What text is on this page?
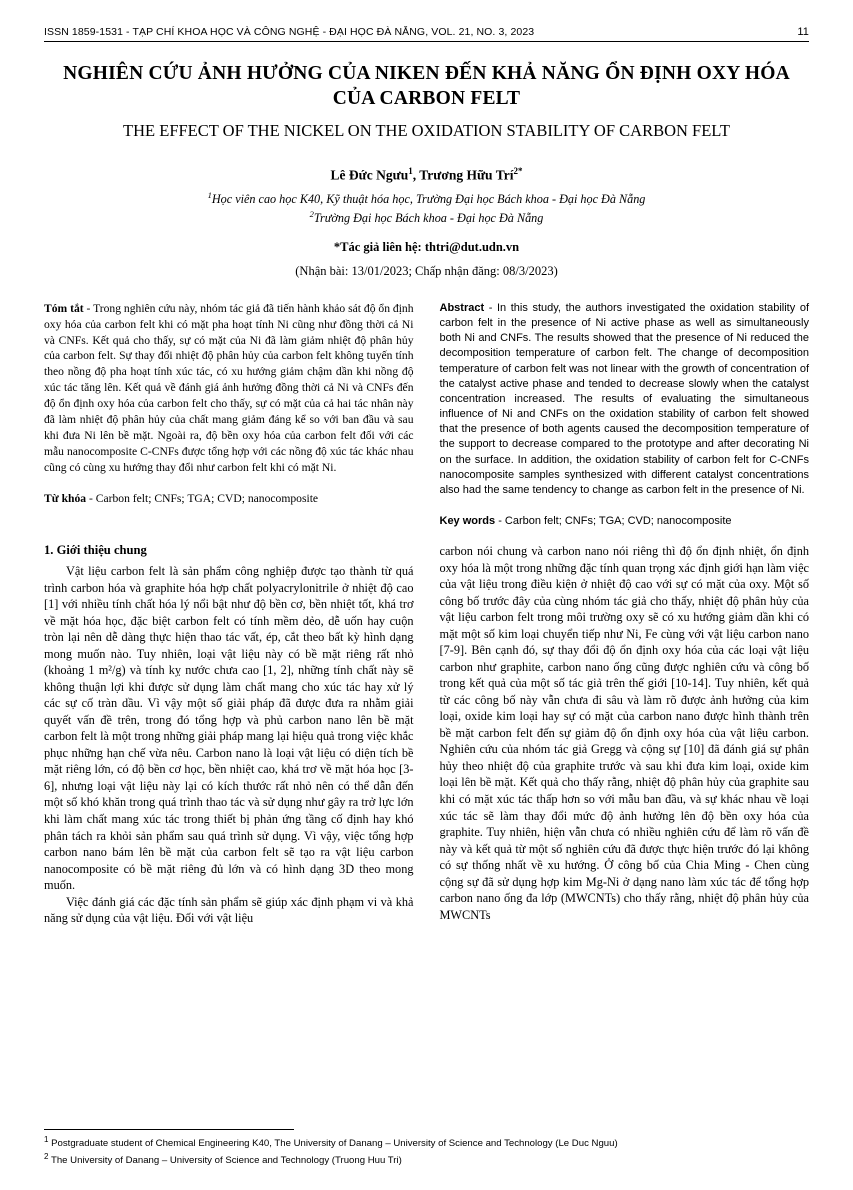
ISSN 1859-1531 - TẠP CHÍ KHOA HỌC VÀ CÔNG NGHỆ - ĐẠI HỌC ĐÀ NẴNG, VOL. 21, NO. 3, 2023	11
NGHIÊN CỨU ẢNH HƯỞNG CỦA NIKEN ĐẾN KHẢ NĂNG ỔN ĐỊNH OXY HÓA CỦA CARBON FELT
THE EFFECT OF THE NICKEL ON THE OXIDATION STABILITY OF CARBON FELT
Lê Đức Ngưu$^1$, Trương Hữu Trí$^{2*}$
$^1$Học viên cao học K40, Kỹ thuật hóa học, Trường Đại học Bách khoa - Đại học Đà Nẵng
$^2$Trường Đại học Bách khoa - Đại học Đà Nẵng
*Tác giả liên hệ: thtri@dut.udn.vn
(Nhận bài: 13/01/2023; Chấp nhận đăng: 08/3/2023)
Tóm tắt - Trong nghiên cứu này, nhóm tác giả đã tiến hành khảo sát độ ổn định oxy hóa của carbon felt khi có mặt pha hoạt tính Ni cũng như đồng thời cả Ni và CNFs. Kết quả cho thấy, sự có mặt của Ni đã làm giảm nhiệt độ phân hủy của carbon felt. Sự thay đổi nhiệt độ phân hủy của carbon felt không tuyến tính theo nồng độ pha hoạt tính xúc tác, có xu hướng giảm chậm dần khi nồng độ xúc tác tăng lên. Kết quả về đánh giá ảnh hưởng đồng thời cả Ni và CNFs đến độ ổn định oxy hóa của carbon felt cho thấy, sự có mặt của cả hai tác nhân này đã làm nhiệt độ phân hủy của chất mang giảm đáng kể so với ban đầu và sau khi đưa Ni lên bề mặt. Ngoài ra, độ bền oxy hóa của carbon felt đối với các mẫu nanocomposite C-CNFs được tổng hợp với các nồng độ xúc tác khác nhau cũng có cùng xu hướng thay đổi như carbon felt khi có mặt Ni.
Từ khóa - Carbon felt; CNFs; TGA; CVD; nanocomposite
Abstract - In this study, the authors investigated the oxidation stability of carbon felt in the presence of Ni active phase as well as simultaneously both Ni and CNFs. The results showed that the presence of Ni reduced the decomposition temperature of carbon felt. The change of decomposition temperature of carbon felt was not linear with the growth of concentration of the catalyst active phase and tended to decrease slowly when the catalyst concentration increased. The results of evaluating the simultaneous influence of Ni and CNFs on the oxidation stability of carbon felt showed that the presence of both agents caused the decomposition temperature of the support to decrease compared to the prototype and after decorating Ni on the surface. In addition, the oxidation stability of carbon felt for C-CNFs nanocomposite samples synthesized with different catalyst concentrations also had the same tendency to change as carbon felt in the presence of Ni.
Key words - Carbon felt; CNFs; TGA; CVD; nanocomposite
1. Giới thiệu chung

Vật liệu carbon felt là sản phẩm công nghiệp được tạo thành từ quá trình carbon hóa và graphite hóa hợp chất polyacrylonitrile ở nhiệt độ cao [1] với nhiều tính chất hóa lý nổi bật như độ bền cơ, bền nhiệt tốt, khá trơ về mặt hóa học, đặc biệt carbon felt có tính mềm dẻo, dễ uốn hay cuộn tròn lại nên dễ dàng thực hiện thao tác vất, ép, cắt theo bất kỳ hình dạng mong muốn nào. Tuy nhiên, loại vật liệu này có bề mặt riêng rất nhỏ (khoảng 1 m²/g) và tính kỵ nước chưa cao [1, 2], những tính chất này sẽ không thuận lợi khi được sử dụng làm chất mang cho xúc tác hay xử lý các sự cố tràn dầu. Vì vậy một số giải pháp đã được đưa ra nhằm giải quyết vấn đề trên, trong đó tổng hợp và phủ carbon nano lên bề mặt carbon felt là một trong những giải pháp mang lại hiệu quả trong việc khắc phục những hạn chế vừa nêu. Carbon nano là loại vật liệu có diện tích bề mặt riêng lớn, có độ bền cơ học, bền nhiệt cao, khá trơ về mặt hóa học [3-6], nhưng loại vật liệu này lại có kích thước rất nhỏ nên có thể dẫn đến một số khó khăn trong quá trình thao tác và sử dụng như gây ra trở lực lớn khi làm chất mang xúc tác trong thiết bị phản ứng tầng cố định hay khó phân tách ra khỏi sản phẩm sau quá trình sử dụng. Vì vậy, việc tổng hợp carbon nano bám lên bề mặt của carbon felt sẽ tạo ra vật liệu carbon nanocomposite có bề mặt riêng đủ lớn và có hình dạng 3D theo mong muốn.

Việc đánh giá các đặc tính sản phẩm sẽ giúp xác định phạm vi và khả năng sử dụng của vật liệu. Đối với vật liệu

carbon nói chung và carbon nano nói riêng thì độ ổn định nhiệt, ổn định oxy hóa là một trong những đặc tính quan trọng xác định giới hạn làm việc của vật liệu trong điều kiện ở nhiệt độ cao với sự có mặt của oxy. Một số công bố trước đây của cùng nhóm tác giả cho thấy, nhiệt độ phân hủy của vật liệu carbon felt trong môi trường oxy sẽ có xu hướng giảm dần khi có mặt một số kim loại chuyển tiếp như Ni, Fe cùng với vật liệu carbon nano [7-9]. Bên cạnh đó, sự thay đổi độ ổn định oxy hóa của các loại vật liệu carbon như graphite, carbon nano ống cũng được nghiên cứu và công bố trong kết quả của một số tác giả trên thế giới [10-14]. Tuy nhiên, kết quả từ các công bố này vẫn chưa đi sâu và làm rõ được ảnh hưởng của kim loại, oxide kim loại hay sự có mặt của carbon nano được hình thành trên bề mặt carbon felt đến sự giảm độ ổn định oxy hóa của vật liệu carbon. Nghiên cứu của nhóm tác giả Gregg và cộng sự [10] đã đánh giá sự phân hủy theo nhiệt độ của graphite trước và sau khi đưa kim loại, oxide kim loại lên bề mặt. Kết quả cho thấy rằng, nhiệt độ phân hủy của graphite sau khi có mặt xúc tác thấp hơn so với mẫu ban đầu, và sự khác nhau về loại xúc tác sẽ làm thay đổi mức độ ảnh hưởng lên độ bền oxy hóa của graphite. Tuy nhiên, hiện vẫn chưa có nhiều nghiên cứu để làm rõ vấn đề này và kết quả từ một số nghiên cứu đã được thực hiện trước đó lại không có sự thống nhất về xu hướng. Ở công bố của Chia Ming - Chen cùng cộng sự đã sử dụng hợp kim Mg-Ni ở dạng nano làm xúc tác để tổng hợp carbon nano ống đa lớp (MWCNTs) cho thấy rằng, nhiệt độ phân hủy của MWCNTs

$^1$ Postgraduate student of Chemical Engineering K40, The University of Danang – University of Science and Technology (Le Duc Nguu)
$^2$ The University of Danang – University of Science and Technology (Truong Huu Tri)
